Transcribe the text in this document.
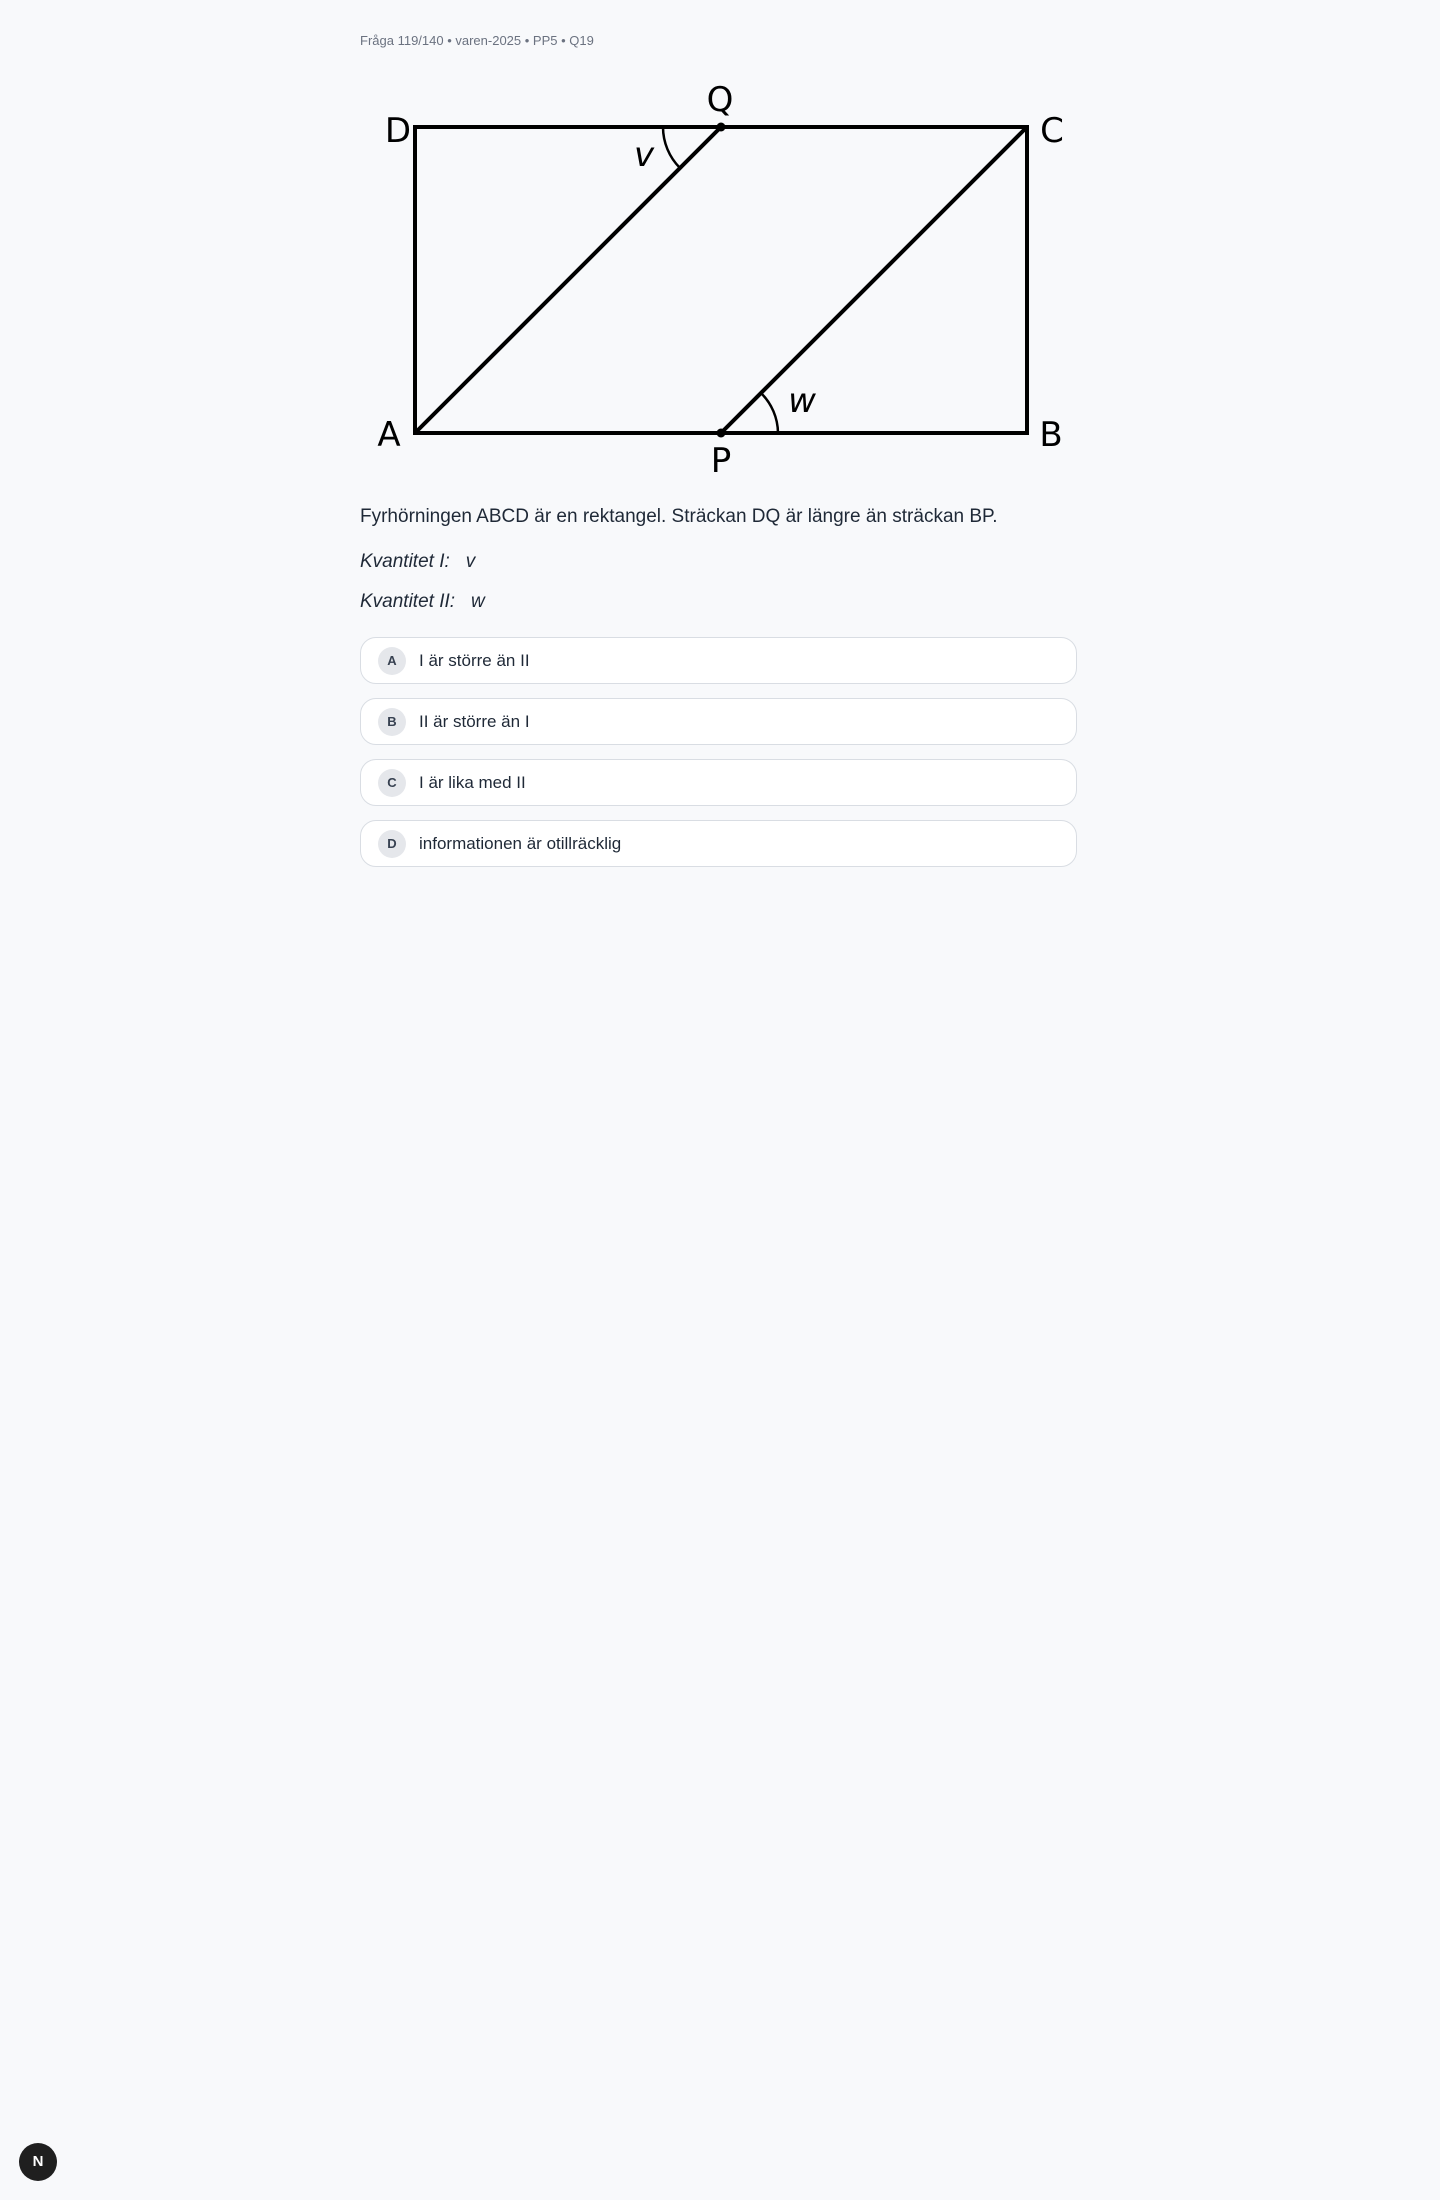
Fråga 119/140 • varen-2025 • PP5 • Q19
D
Q
C
A
P
B
v
w
Fyrhörningen ABCD är en rektangel. Sträckan DQ är längre än sträckan BP.
Kvantitet I: v
Kvantitet II: w
A	I är större än II
B	II är större än I
C	I är lika med II
D	informationen är otillräcklig
N
